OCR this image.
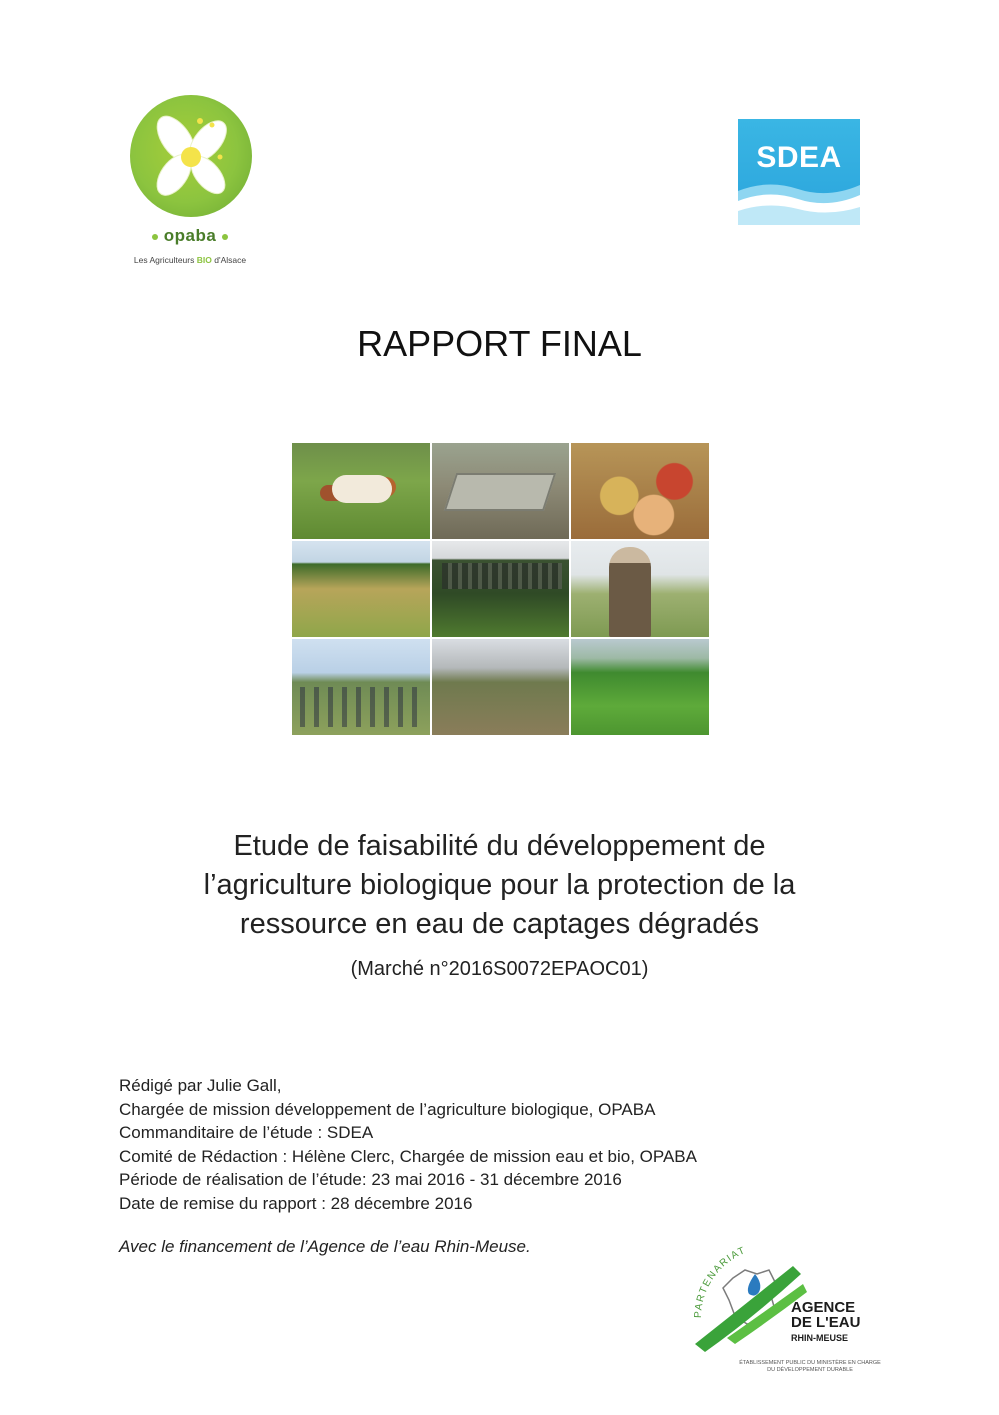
opaba
Les Agriculteurs BIO d'Alsace
SDEA
RAPPORT FINAL
Etude de faisabilité du développement de
l’agriculture biologique pour la protection de la
ressource en eau de captages dégradés
(Marché n°2016S0072EPAOC01)
Rédigé par Julie Gall,
Chargée de mission développement de l’agriculture biologique, OPABA
Commanditaire de l’étude : SDEA
Comité de Rédaction : Hélène Clerc, Chargée de mission eau et bio, OPABA
Période de réalisation de l’étude: 23 mai 2016 - 31 décembre 2016
Date de remise du rapport : 28 décembre 2016
Avec le financement de l’Agence de l’eau Rhin-Meuse.
PARTENARIAT
AGENCE
DE L'EAU
RHIN-MEUSE
ÉTABLISSEMENT PUBLIC DU MINISTÈRE EN CHARGE DU DÉVELOPPEMENT DURABLE
